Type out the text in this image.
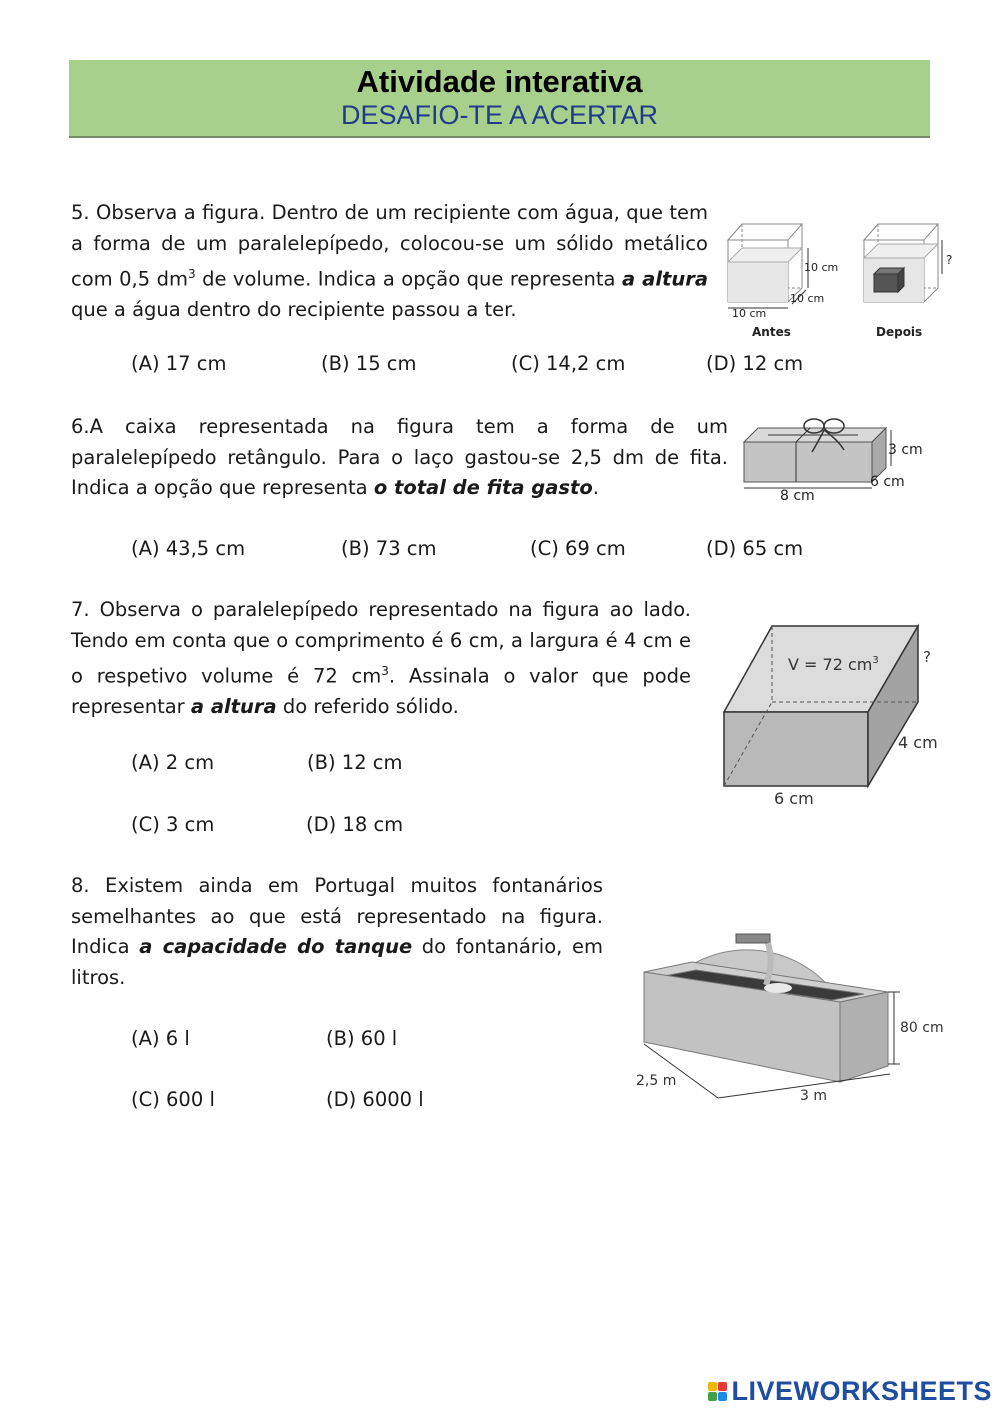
Atividade interativa
DESAFIO-TE A ACERTAR
5. Observa a figura. Dentro de um recipiente com água, que tem a forma de um paralelepípedo, colocou-se um sólido metálico com 0,5 $dm^3$ de volume. Indica a opção que representa a altura que a água dentro do recipiente passou a ter.
10 cm
10 cm
10 cm
Antes
?
Depois
(A) 17 cm	(B) 15 cm	(C) 14,2 cm	(D) 12 cm
6.A caixa representada na figura tem a forma de um paralelepípedo retângulo. Para o laço gastou-se 2,5 dm de fita. Indica a opção que representa o total de fita gasto.
3 cm
6 cm
8 cm
(A) 43,5 cm	(B) 73 cm	(C) 69 cm	(D) 65 cm
7. Observa o paralelepípedo representado na figura ao lado. Tendo em conta que o comprimento é 6 cm, a largura é 4 cm e o respetivo volume é 72 $cm^3$. Assinala o valor que pode representar a altura do referido sólido.
V = 72 $cm^3$	?
4 cm
6 cm
(A) 2 cm	(B) 12 cm
(C) 3 cm	(D) 18 cm
8. Existem ainda em Portugal muitos fontanários semelhantes ao que está representado na figura. Indica a capacidade do tanque do fontanário, em litros.
80 cm
2,5 m
3 m
(A) 6 l	(B) 60 l
(C) 600 l	(D) 6000 l
LIVEWORKSHEETS
